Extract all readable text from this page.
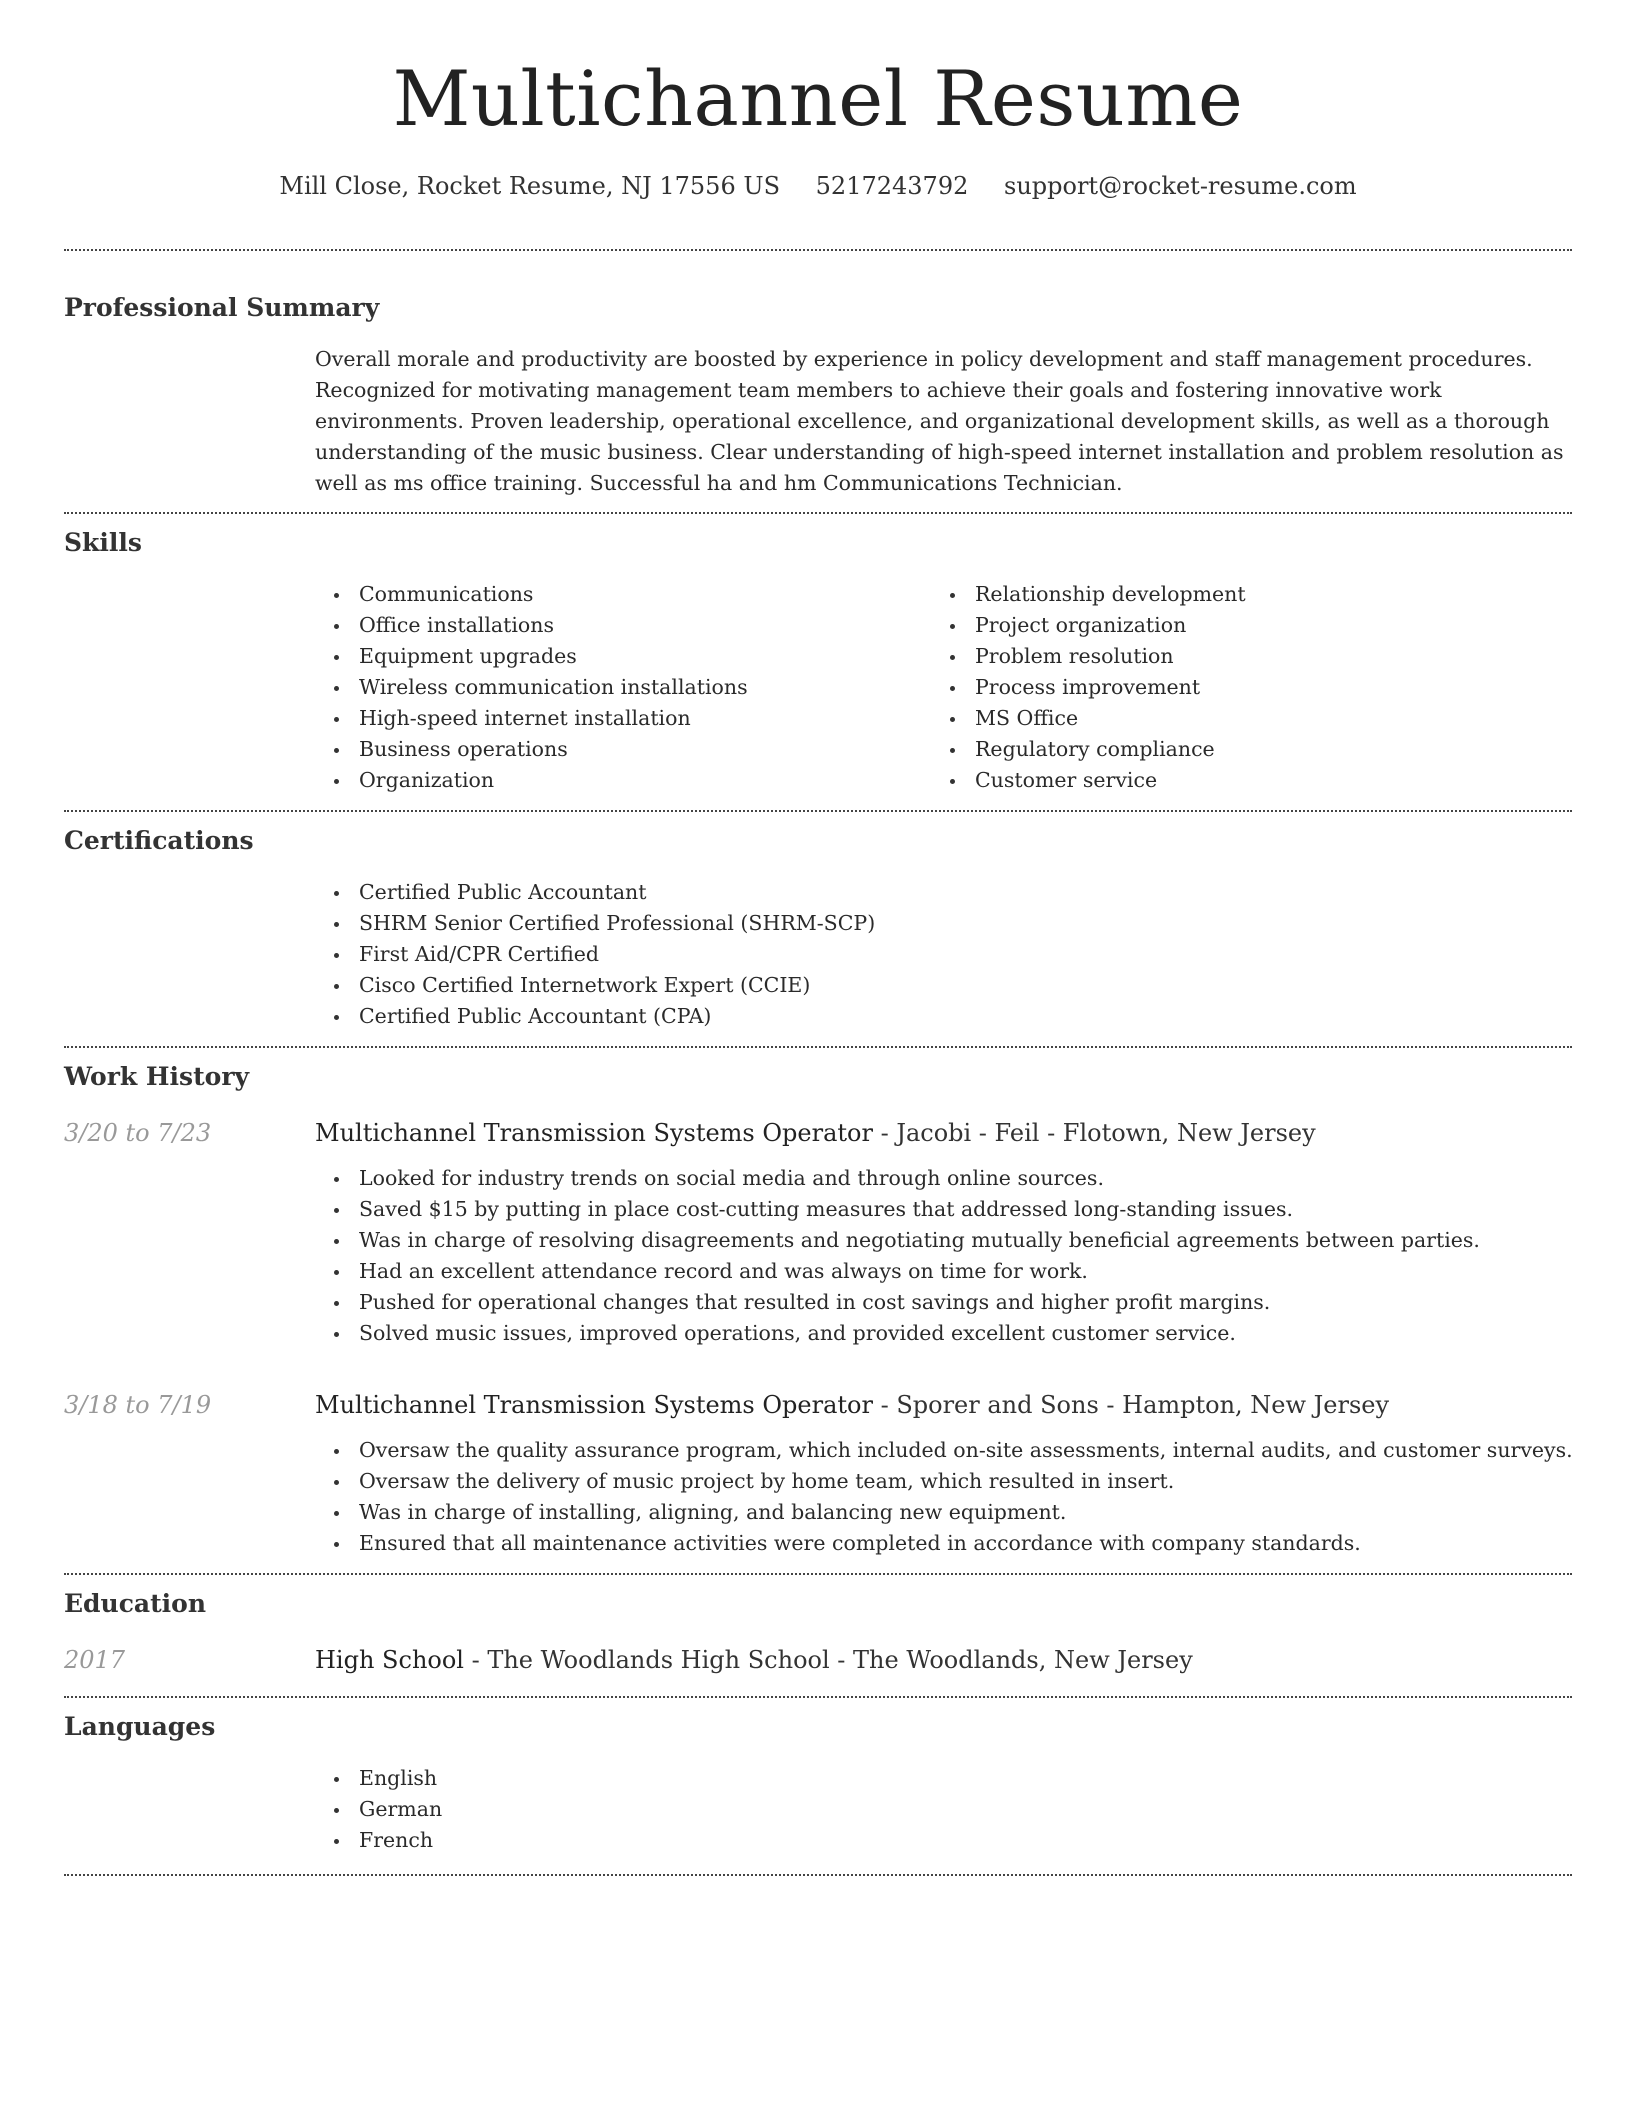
Multichannel Resume
Mill Close, Rocket Resume, NJ 17556 US 5217243792 support@rocket-resume.com
Professional Summary

Overall morale and productivity are boosted by experience in policy development and staff management procedures. Recognized for motivating management team members to achieve their goals and fostering innovative work environments. Proven leadership, operational excellence, and organizational development skills, as well as a thorough understanding of the music business. Clear understanding of high-speed internet installation and problem resolution as well as ms office training. Successful ha and hm Communications Technician.

Skills
Communications
Office installations
Equipment upgrades
Wireless communication installations
High-speed internet installation
Business operations
Organization
Relationship development
Project organization
Problem resolution
Process improvement
MS Office
Regulatory compliance
Customer service
Certifications
Certified Public Accountant
SHRM Senior Certified Professional (SHRM-SCP)
First Aid/CPR Certified
Cisco Certified Internetwork Expert (CCIE)
Certified Public Accountant (CPA)
Work History
3/20 to 7/23	Multichannel Transmission Systems Operator - Jacobi - Feil - Flotown, New Jersey
Looked for industry trends on social media and through online sources.
Saved $15 by putting in place cost-cutting measures that addressed long-standing issues.
Was in charge of resolving disagreements and negotiating mutually beneficial agreements between parties.
Had an excellent attendance record and was always on time for work.
Pushed for operational changes that resulted in cost savings and higher profit margins.
Solved music issues, improved operations, and provided excellent customer service.
3/18 to 7/19	Multichannel Transmission Systems Operator - Sporer and Sons - Hampton, New Jersey
Oversaw the quality assurance program, which included on-site assessments, internal audits, and customer surveys.
Oversaw the delivery of music project by home team, which resulted in insert.
Was in charge of installing, aligning, and balancing new equipment.
Ensured that all maintenance activities were completed in accordance with company standards.
Education
2017	High School - The Woodlands High School - The Woodlands, New Jersey
Languages
English
German
French
